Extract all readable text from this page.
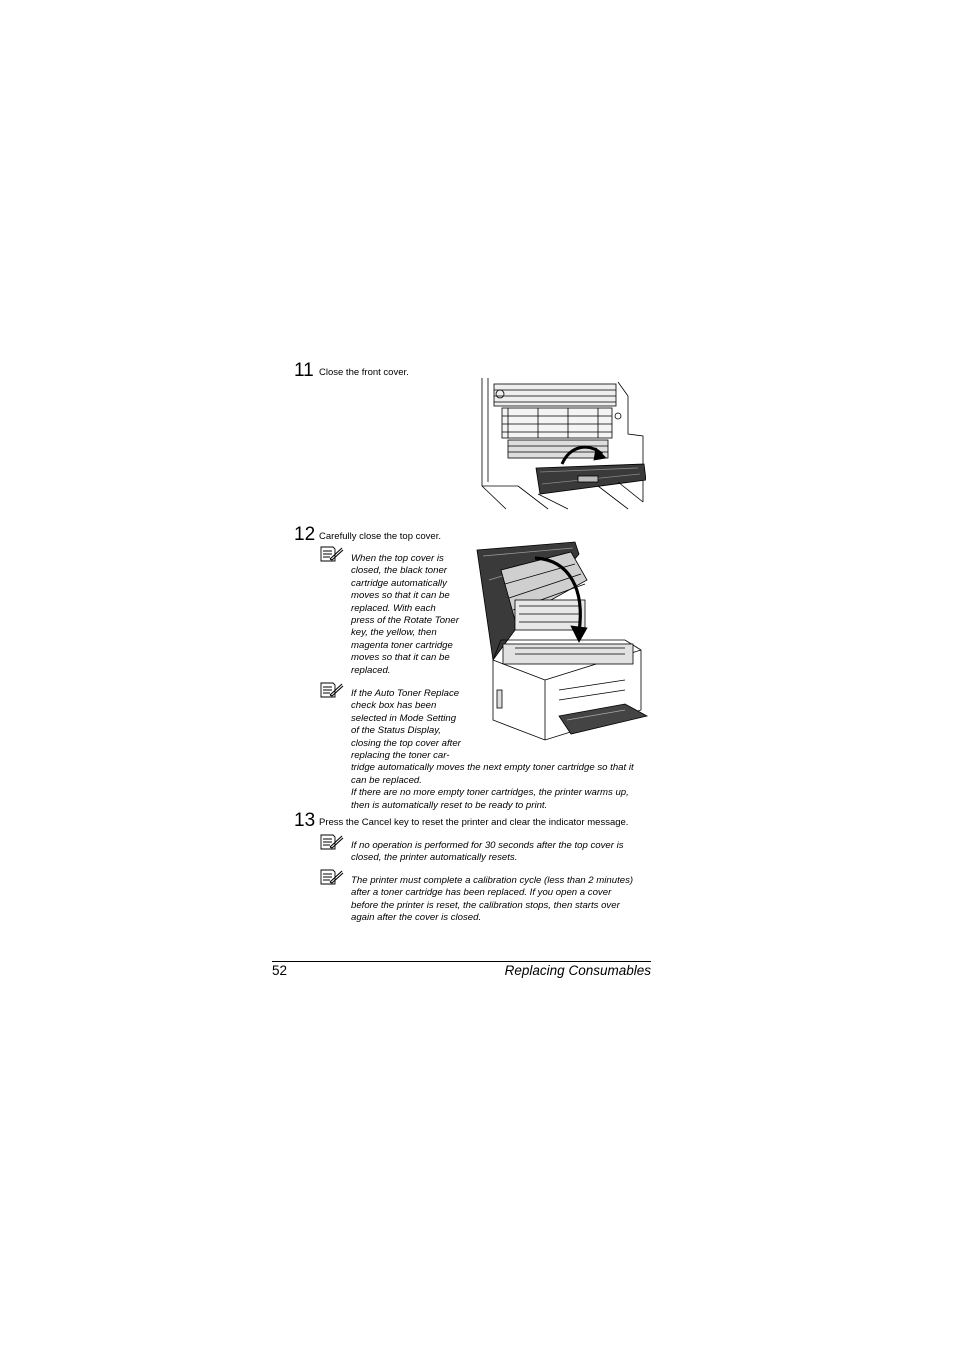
11 Close the front cover.
12 Carefully close the top cover.
When the top cover is
closed, the black toner
cartridge automatically
moves so that it can be
replaced. With each
press of the Rotate Toner
key, the yellow, then
magenta toner cartridge
moves so that it can be
replaced.
If the Auto Toner Replace
check box has been
selected in Mode Setting
of the Status Display,
closing the top cover after
replacing the toner car-
tridge automatically moves the next empty toner cartridge so that it
can be replaced.
If there are no more empty toner cartridges, the printer warms up,
then is automatically reset to be ready to print.
13 Press the Cancel key to reset the printer and clear the indicator message.
If no operation is performed for 30 seconds after the top cover is
closed, the printer automatically resets.
The printer must complete a calibration cycle (less than 2 minutes)
after a toner cartridge has been replaced. If you open a cover
before the printer is reset, the calibration stops, then starts over
again after the cover is closed.
52	Replacing Consumables
